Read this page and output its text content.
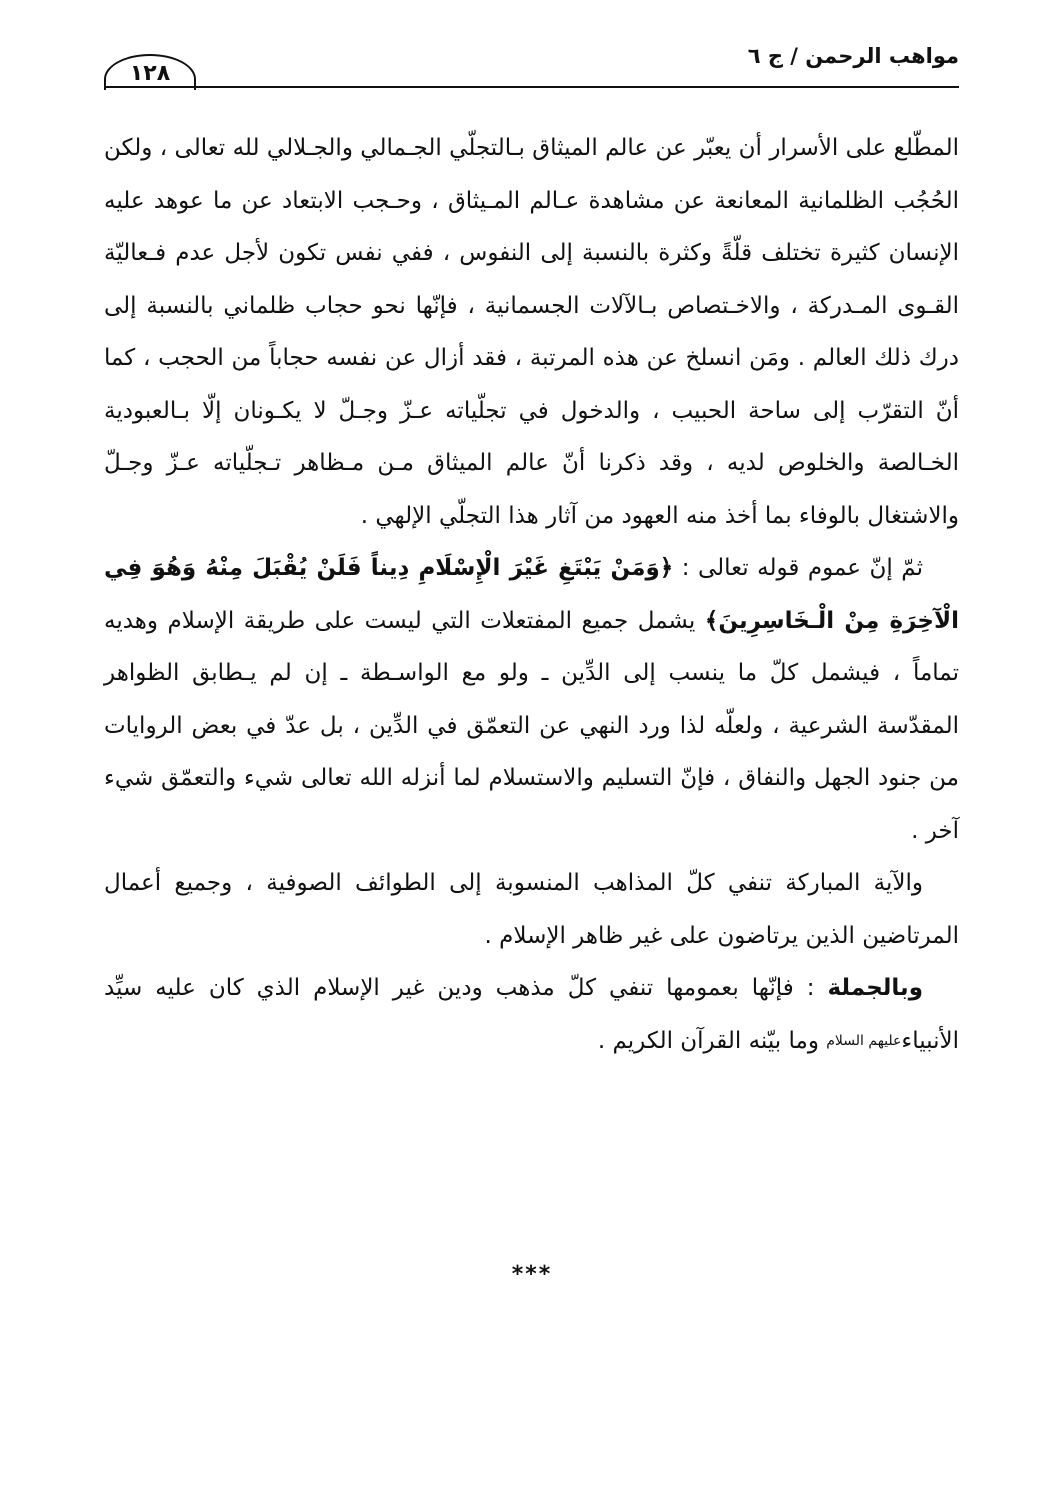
مواهب الرحمن / ج ٦
١٢٨

المطّلع على الأسرار أن يعبّر عن عالم الميثاق بـالتجلّي الجـمالي والجـلالي لله تعالى ، ولكن الحُجُب الظلمانية المعانعة عن مشاهدة عـالم المـيثاق ، وحـجب الابتعاد عن ما عوهد عليه الإنسان كثيرة تختلف قلّةً وكثرة بالنسبة إلى النفوس ، ففي نفس تكون لأجل عدم فـعاليّة القـوى المـدركة ، والاخـتصاص بـالآلات الجسمانية ، فإنّها نحو حجاب ظلماني بالنسبة إلى درك ذلك العالم . ومَن انسلخ عن هذه المرتبة ، فقد أزال عن نفسه حجاباً من الحجب ، كما أنّ التقرّب إلى ساحة الحبيب ، والدخول في تجلّياته عـزّ وجـلّ لا يكـونان إلّا بـالعبودية الخـالصة والخلوص لديه ، وقد ذكرنا أنّ عالم الميثاق مـن مـظاهر تـجلّياته عـزّ وجـلّ والاشتغال بالوفاء بما أخذ منه العهود من آثار هذا التجلّي الإلهي .

ثمّ إنّ عموم قوله تعالى : ﴿وَمَنْ يَبْتَغِ غَيْرَ الْإِسْلَامِ دِيناً فَلَنْ يُقْبَلَ مِنْهُ وَهُوَ فِي الْآخِرَةِ مِنْ الْـخَاسِرِينَ﴾ يشمل جميع المفتعلات التي ليست على طريقة الإسلام وهديه تماماً ، فيشمل كلّ ما ينسب إلى الدِّين ـ ولو مع الواسـطة ـ إن لم يـطابق الظواهر المقدّسة الشرعية ، ولعلّه لذا ورد النهي عن التعمّق في الدِّين ، بل عدّ في بعض الروايات من جنود الجهل والنفاق ، فإنّ التسليم والاستسلام لما أنزله الله تعالى شيء والتعمّق شيء آخر .

والآية المباركة تنفي كلّ المذاهب المنسوبة إلى الطوائف الصوفية ، وجميع أعمال المرتاضين الذين يرتاضون على غير ظاهر الإسلام .

وبالجملة : فإنّها بعمومها تنفي كلّ مذهب ودين غير الإسلام الذي كان عليه سيِّد الأنبياء$^{عليهم السلام}$ وما بيّنه القرآن الكريم .

***
